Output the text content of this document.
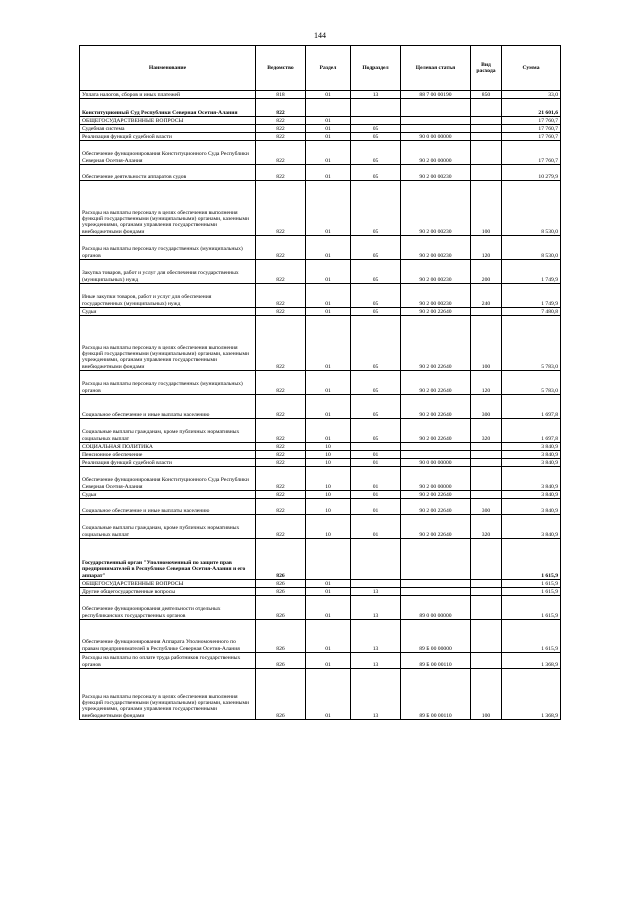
144
Наименование	Ведомство	Раздел	Подраздел	Целевая статья	Вид расхода	Сумма
Уплата налогов, сборов и иных платежей	818	01	13	88 7 00 00190	850	33,0
Конституционный Суд Республики Северная Осетия-Алания	822					21 601,6
ОБЩЕГОСУДАРСТВЕННЫЕ ВОПРОСЫ	822	01				17 760,7
Судебная система	822	01	05			17 760,7
Реализация функций судебной власти	822	01	05	90 0 00 00000		17 760,7
Обеспечение функционирования Конституционного Суда Республики Северная Осетия-Алания	822	01	05	90 2 00 00000		17 760,7
Обеспечение деятельности аппаратов судов	822	01	05	90 2 00 00230		10 279,9
Расходы на выплаты персоналу в целях обеспечения выполнения функций государственными (муниципальными) органами, казенными учреждениями, органами управления государственными внебюджетными фондами	822	01	05	90 2 00 00230	100	8 530,0
Расходы на выплаты персоналу государственных (муниципальных) органов	822	01	05	90 2 00 00230	120	8 530,0
Закупка товаров, работ и услуг для обеспечения государственных (муниципальных) нужд	822	01	05	90 2 00 00230	200	1 749,9
Иные закупки товаров, работ и услуг для обеспечения государственных (муниципальных) нужд	822	01	05	90 2 00 00230	240	1 749,9
Судьи	822	01	05	90 2 00 22640		7 480,8
Расходы на выплаты персоналу в целях обеспечения выполнения функций государственными (муниципальными) органами, казенными учреждениями, органами управления государственными внебюджетными фондами	822	01	05	90 2 00 22640	100	5 783,0
Расходы на выплаты персоналу государственных (муниципальных) органов	822	01	05	90 2 00 22640	120	5 783,0
Социальное обеспечение и иные выплаты населению	822	01	05	90 2 00 22640	300	1 697,8
Социальные выплаты гражданам, кроме публичных нормативных социальных выплат	822	01	05	90 2 00 22640	320	1 697,8
СОЦИАЛЬНАЯ ПОЛИТИКА	822	10				3 840,9
Пенсионное обеспечение	822	10	01			3 840,9
Реализация функций судебной власти	822	10	01	90 0 00 00000		3 840,9
Обеспечение функционирования Конституционного Суда Республики Северная Осетия-Алания	822	10	01	90 2 00 00000		3 840,9
Судьи	822	10	01	90 2 00 22640		3 840,9
Социальное обеспечение и иные выплаты населению	822	10	01	90 2 00 22640	300	3 840,9
Социальные выплаты гражданам, кроме публичных нормативных социальных выплат	822	10	01	90 2 00 22640	320	3 840,9
Государственный орган "Уполномоченный по защите прав предпринимателей в Республике Северная Осетия-Алания и его аппарат"	826					1 615,9
ОБЩЕГОСУДАРСТВЕННЫЕ ВОПРОСЫ	826	01				1 615,9
Другие общегосударственные вопросы	826	01	13			1 615,9
Обеспечение функционирования деятельности отдельных республиканских государственных органов	826	01	13	89 0 00 00000		1 615,9
Обеспечение функционирования Аппарата Уполномоченного по правам предпринимателей в Республике Северная Осетия-Алания	826	01	13	89 Б 00 00000		1 615,9
Расходы на выплаты по оплате труда работников государственных органов	826	01	13	89 Б 00 00110		1 368,9
Расходы на выплаты персоналу в целях обеспечения выполнения функций государственными (муниципальными) органами, казенными учреждениями, органами управления государственными внебюджетными фондами	826	01	13	89 Б 00 00110	100	1 368,9
